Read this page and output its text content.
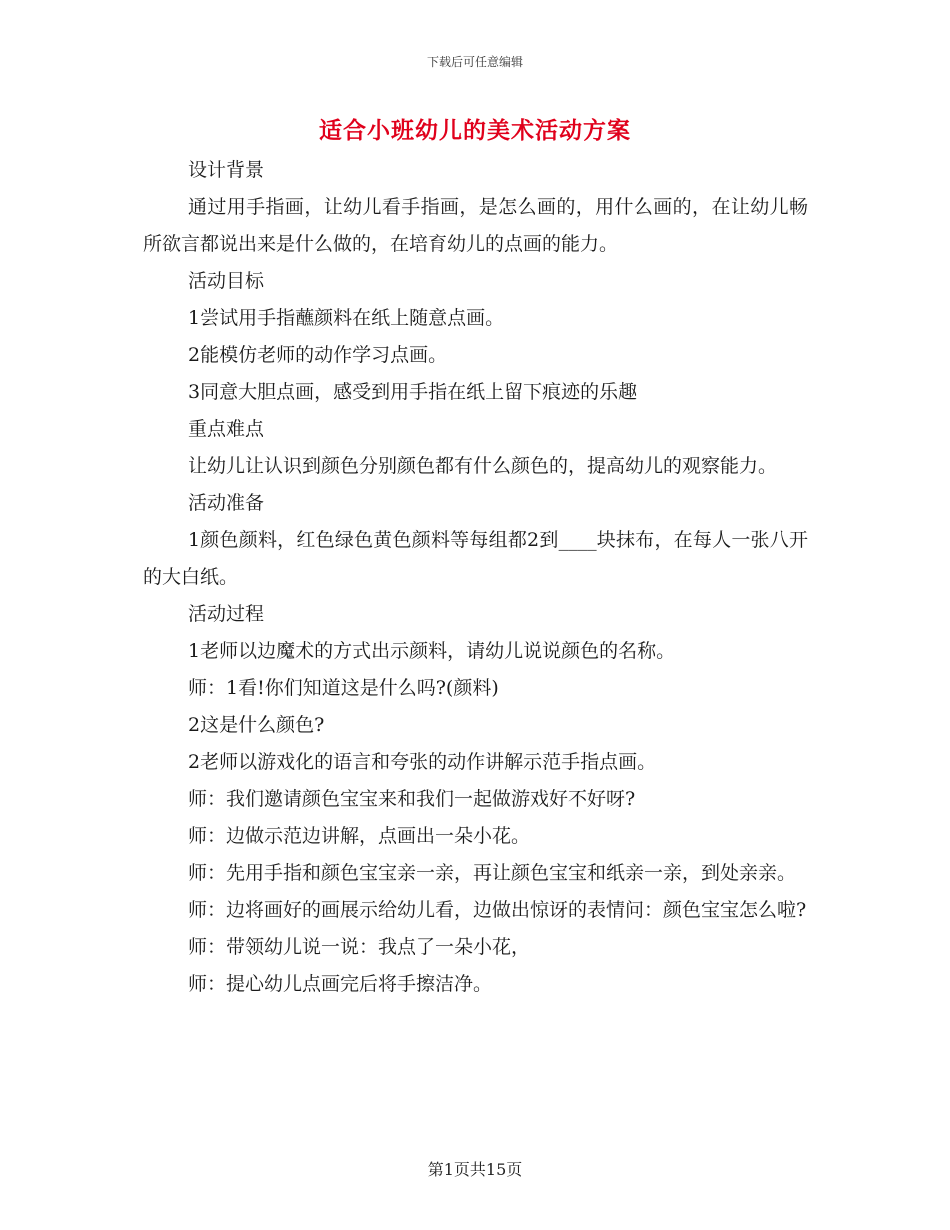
下载后可任意编辑
适合小班幼儿的美术活动方案

设计背景

通过用手指画，让幼儿看手指画，是怎么画的，用什么画的，在让幼儿畅所欲言都说出来是什么做的，在培育幼儿的点画的能力。

活动目标

1尝试用手指蘸颜料在纸上随意点画。

2能模仿老师的动作学习点画。

3同意大胆点画，感受到用手指在纸上留下痕迹的乐趣

重点难点

让幼儿让认识到颜色分别颜色都有什么颜色的，提高幼儿的观察能力。

活动准备

1颜色颜料，红色绿色黄色颜料等每组都2到____块抹布，在每人一张八开的大白纸。

活动过程

1老师以边魔术的方式出示颜料，请幼儿说说颜色的名称。

师：1看!你们知道这是什么吗?(颜料)

2这是什么颜色?

2老师以游戏化的语言和夸张的动作讲解示范手指点画。

师：我们邀请颜色宝宝来和我们一起做游戏好不好呀?

师：边做示范边讲解，点画出一朵小花。

师：先用手指和颜色宝宝亲一亲，再让颜色宝宝和纸亲一亲，到处亲亲。

师：边将画好的画展示给幼儿看，边做出惊讶的表情问：颜色宝宝怎么啦?

师：带领幼儿说一说：我点了一朵小花，

师：提心幼儿点画完后将手擦洁净。

第1页共15页
